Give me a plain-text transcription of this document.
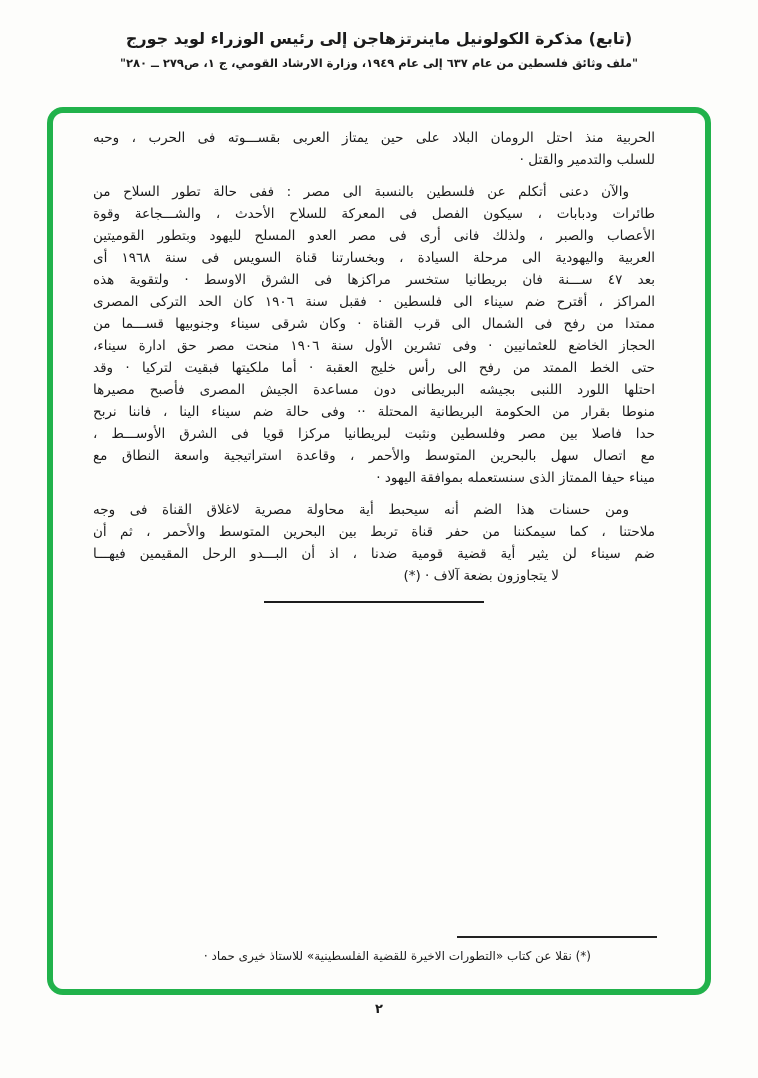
(تابع) مذكرة الكولونيل ماينرتزهاجن إلى رئيس الوزراء لويد جورج
"ملف وثائق فلسطين من عام ٦٣٧ إلى عام ١٩٤٩، وزارة الارشاد القومي، ج ١، ص٢٧٩ ــ ٢٨٠"
الحربية منذ احتل الرومان البلاد على حين يمتاز العربى بقســـوته فى الحرب ، وحبه
للسلب والتدمير والقتل ·
والآن دعنى أتكلم عن فلسطين بالنسبة الى مصر : ففى حالة تطور السلاح من
طائرات ودبابات ، سيكون الفصل فى المعركة للسلاح الأحدث ، والشـــجاعة وقوة
الأعصاب والصبر ، ولذلك فانى أرى فى مصر العدو المسلح لليهود وبتطور القوميتين
العربية واليهودية الى مرحلة السيادة ، وبخسارتنا قناة السويس فى سنة ١٩٦٨ أى
بعد ٤٧ ســـنة فان بريطانيا ستخسر مراكزها فى الشرق الاوسط · ولتقوية هذه
المراكز ، أقترح ضم سيناء الى فلسطين · فقبل سنة ١٩٠٦ كان الحد التركى المصرى
ممتدا من رفح فى الشمال الى قرب القناة · وكان شرقى سيناء وجنوبيها قســـما من
الحجاز الخاضع للعثمانيين · وفى تشرين الأول سنة ١٩٠٦ منحت مصر حق ادارة سيناء،
حتى الخط الممتد من رفح الى رأس خليج العقبة · أما ملكيتها فبقيت لتركيا · وقد
احتلها اللورد اللنبى بجيشه البريطانى دون مساعدة الجيش المصرى فأصبح مصيرها
منوطا بقرار من الحكومة البريطانية المحتلة ·· وفى حالة ضم سيناء الينا ، فاننا نربح
حدا فاصلا بين مصر وفلسطين ونثبت لبريطانيا مركزا قويا فى الشرق الأوســـط ،
مع اتصال سهل بالبحرين المتوسط والأحمر ، وقاعدة استراتيجية واسعة النطاق مع
ميناء حيفا الممتاز الذى سنستعمله بموافقة اليهود ·
ومن حسنات هذا الضم أنه سيحبط أية محاولة مصرية لاغلاق القناة فى وجه
ملاحتنا ، كما سيمكننا من حفر قناة تربط بين البحرين المتوسط والأحمر ، ثم أن
ضم سيناء لن يثير أية قضية قومية ضدنا ، اذ أن البـــدو الرحل المقيمين فيهـــا
لا يتجاوزون بضعة آلاف · (*)
(*) نقلا عن كتاب «التطورات الاخيرة للقضية الفلسطينية» للاستاذ خيرى حماد ·
٢
